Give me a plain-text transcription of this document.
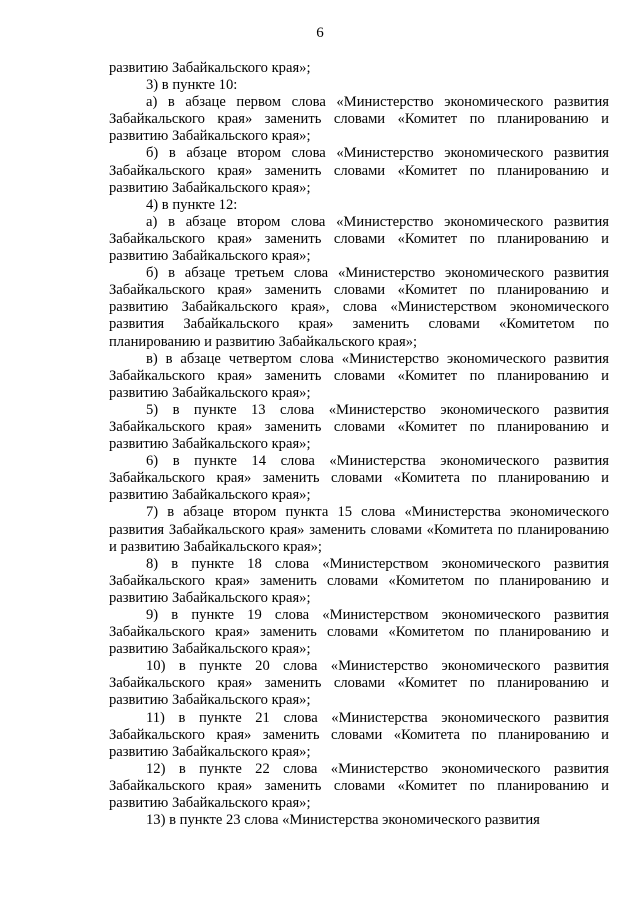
6

развитию Забайкальского края»;

3) в пункте 10:

а) в абзаце первом слова «Министерство экономического развития Забайкальского края» заменить словами «Комитет по планированию и развитию Забайкальского края»;

б) в абзаце втором слова «Министерство экономического развития Забайкальского края» заменить словами «Комитет по планированию и развитию Забайкальского края»;

4) в пункте 12:

а) в абзаце втором слова «Министерство экономического развития Забайкальского края» заменить словами «Комитет по планированию и развитию Забайкальского края»;

б) в абзаце третьем слова «Министерство экономического развития Забайкальского края» заменить словами «Комитет по планированию и развитию Забайкальского края», слова «Министерством экономического развития Забайкальского края» заменить словами «Комитетом по планированию и развитию Забайкальского края»;

в) в абзаце четвертом слова «Министерство экономического развития Забайкальского края» заменить словами «Комитет по планированию и развитию Забайкальского края»;

5) в пункте 13 слова «Министерство экономического развития Забайкальского края» заменить словами «Комитет по планированию и развитию Забайкальского края»;

6) в пункте 14 слова «Министерства экономического развития Забайкальского края» заменить словами «Комитета по планированию и развитию Забайкальского края»;

7) в абзаце втором пункта 15 слова «Министерства экономического развития Забайкальского края» заменить словами «Комитета по планированию и развитию Забайкальского края»;

8) в пункте 18 слова «Министерством экономического развития Забайкальского края» заменить словами «Комитетом по планированию и развитию Забайкальского края»;

9) в пункте 19 слова «Министерством экономического развития Забайкальского края» заменить словами «Комитетом по планированию и развитию Забайкальского края»;

10) в пункте 20 слова «Министерство экономического развития Забайкальского края» заменить словами «Комитет по планированию и развитию Забайкальского края»;

11) в пункте 21 слова «Министерства экономического развития Забайкальского края» заменить словами «Комитета по планированию и развитию Забайкальского края»;

12) в пункте 22 слова «Министерство экономического развития Забайкальского края» заменить словами «Комитет по планированию и развитию Забайкальского края»;

13) в пункте 23 слова «Министерства экономического развития
